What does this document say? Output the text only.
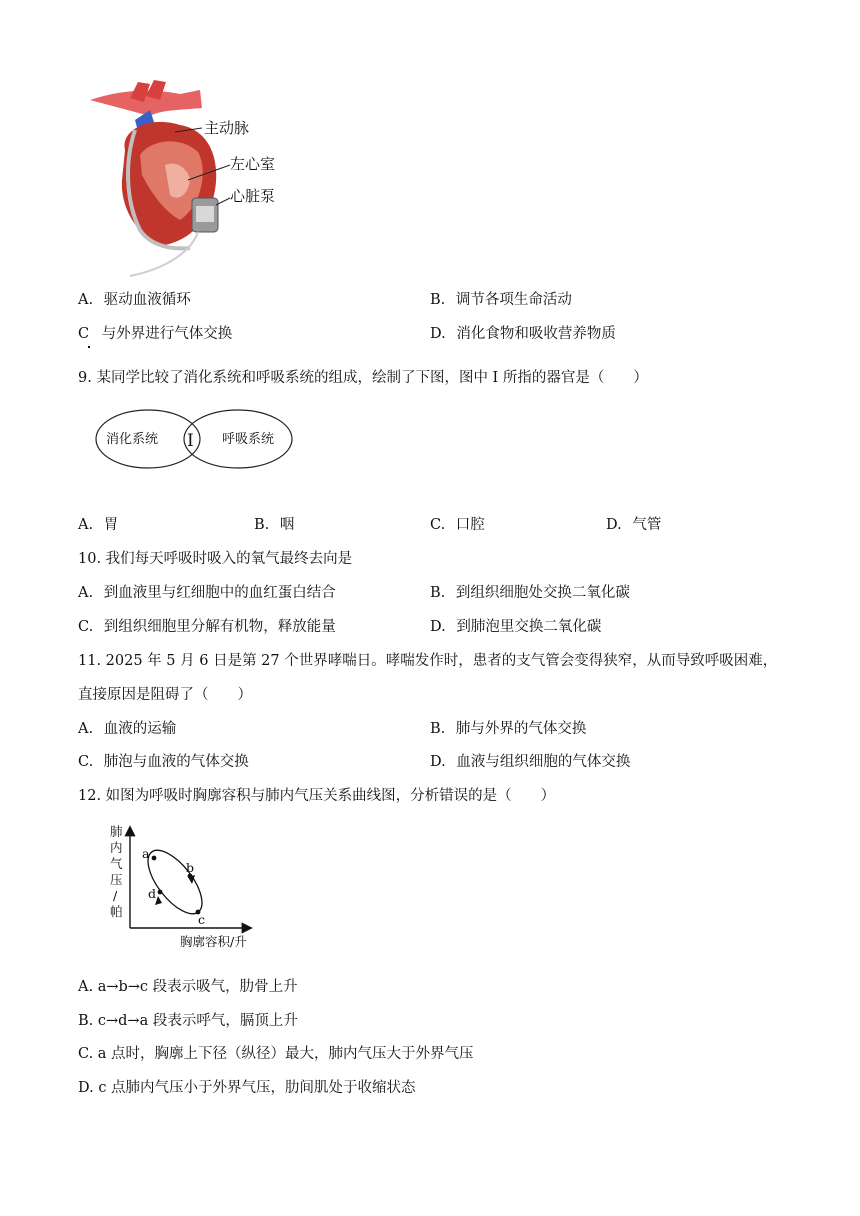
主动脉
左心室
心脏泵
A. 驱动血液循环	B. 调节各项生命活动
C 与外界进行气体交换	D. 消化食物和吸收营养物质
9. 某同学比较了消化系统和呼吸系统的组成，绘制了下图，图中 I 所指的器官是（　　）
消化系统 I 呼吸系统
A. 胃	B. 咽	C. 口腔	D. 气管
10. 我们每天呼吸时吸入的氧气最终去向是
A. 到血液里与红细胞中的血红蛋白结合	B. 到组织细胞处交换二氧化碳
C. 到组织细胞里分解有机物，释放能量	D. 到肺泡里交换二氧化碳
11. 2025 年 5 月 6 日是第 27 个世界哮喘日。哮喘发作时，患者的支气管会变得狭窄，从而导致呼吸困难，
直接原因是阻碍了（　　）
A. 血液的运输	B. 肺与外界的气体交换
C. 肺泡与血液的气体交换	D. 血液与组织细胞的气体交换
12. 如图为呼吸时胸廓容积与肺内气压关系曲线图，分析错误的是（　　）
肺
内
气
压
/
帕
胸廓容积/升
a
b
c
d
A. a→b→c 段表示吸气，肋骨上升
B. c→d→a 段表示呼气，膈顶上升
C. a 点时，胸廓上下径（纵径）最大，肺内气压大于外界气压
D. c 点肺内气压小于外界气压，肋间肌处于收缩状态
